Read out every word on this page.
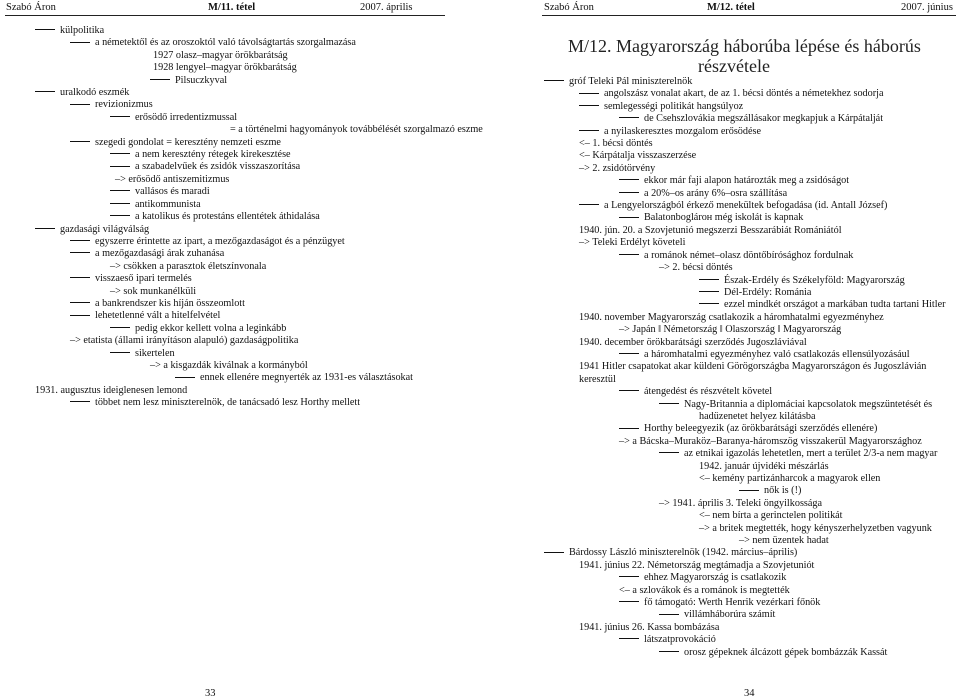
Szabó Áron	M/11. tétel	2007. április
külpolitika
a németektől és az oroszoktól való távolságtartás szorgalmazása
1927 olasz–magyar örökbarátság
1928 lengyel–magyar örökbarátság
Pilsuczkyval
uralkodó eszmék
revizionizmus
erősödő irredentizmussal
= a történelmi hagyományok továbbélését szorgalmazó eszme
szegedi gondolat = keresztény nemzeti eszme
a nem keresztény rétegek kirekesztése
a szabadelvűek és zsidók visszaszorítása
–> erősödő antiszemitizmus
vallásos és maradi
antikommunista
a katolikus és protestáns ellentétek áthidalása
gazdasági világválság
egyszerre érintette az ipart, a mezőgazdaságot és a pénzügyet
a mezőgazdasági árak zuhanása
–> csökken a parasztok életszínvonala
visszaeső ipari termelés
–> sok munkanélküli
a bankrendszer kis híján összeomlott
lehetetlenné vált a hitelfelvétel
pedig ekkor kellett volna a leginkább
–> etatista (állami irányításon alapuló) gazdaságpolitika
sikertelen
–> a kisgazdák kiválnak a kormányból
ennek ellenére megnyerték az 1931-es választásokat
1931. augusztus ideiglenesen lemond
többet nem lesz miniszterelnök, de tanácsadó lesz Horthy mellett
33
Szabó Áron	M/12. tétel	2007. június
M/12. Magyarország háborúba lépése és háborús
részvétele
gróf Teleki Pál miniszterelnök
angolszász vonalat akart, de az 1. bécsi döntés a németekhez sodorja
semlegességi politikát hangsúlyoz
de Csehszlovákia megszállásakor megkapjuk a Kárpátalját
a nyilaskeresztes mozgalom erősödése
<– 1. bécsi döntés
<– Kárpátalja visszaszerzése
–> 2. zsidótörvény
ekkor már faji alapon határozták meg a zsidóságot
a 20%–os arány 6%–osra szállítása
a Lengyelországból érkező menekültek befogadása (id. Antall József)
Balatonboglárон még iskolát is kapnak
1940. jún. 20. a Szovjetunió megszerzi Besszarábiát Romániától
–> Teleki Erdélyt követeli
a románok német–olasz döntőbírósághoz fordulnak
–> 2. bécsi döntés
Észak-Erdély és Székelyföld: Magyarország
Dél-Erdély: Románia
ezzel mindkét országot a markában tudta tartani Hitler
1940. november Magyarország csatlakozik a háromhatalmi egyezményhez
–> Japán ‖ Németország ‖ Olaszország ‖ Magyarország
1940. december örökbarátsági szerződés Jugoszláviával
a háromhatalmi egyezményhez való csatlakozás ellensúlyozásául
1941 Hitler csapatokat akar küldeni Görögországba Magyarországon és Jugoszlávián
keresztül
átengedést és részvételt követel
Nagy-Britannia a diplomáciai kapcsolatok megszüntetését és
hadüzenetet helyez kilátásba
Horthy beleegyezik (az örökbarátsági szerződés ellenére)
–> a Bácska–Muraköz–Baranya-háromszög visszakerül Magyarországhoz
az etnikai igazolás lehetetlen, mert a terület 2/3-a nem magyar
1942. január újvidéki mészárlás
<– kemény partizánharcok a magyarok ellen
nők is (!)
–> 1941. április 3. Teleki öngyilkossága
<– nem bírta a gerinctelen politikát
–> a britek megtették, hogy kényszerhelyzetben vagyunk
–> nem üzentek hadat
Bárdossy László miniszterelnök (1942. március–április)
1941. június 22. Németország megtámadja a Szovjetuniót
ehhez Magyarország is csatlakozik
<– a szlovákok és a románok is megtették
fő támogató: Werth Henrik vezérkari főnök
villámháborúra számít
1941. június 26. Kassa bombázása
látszatprovokáció
orosz gépeknek álcázott gépek bombázzák Kassát
34
